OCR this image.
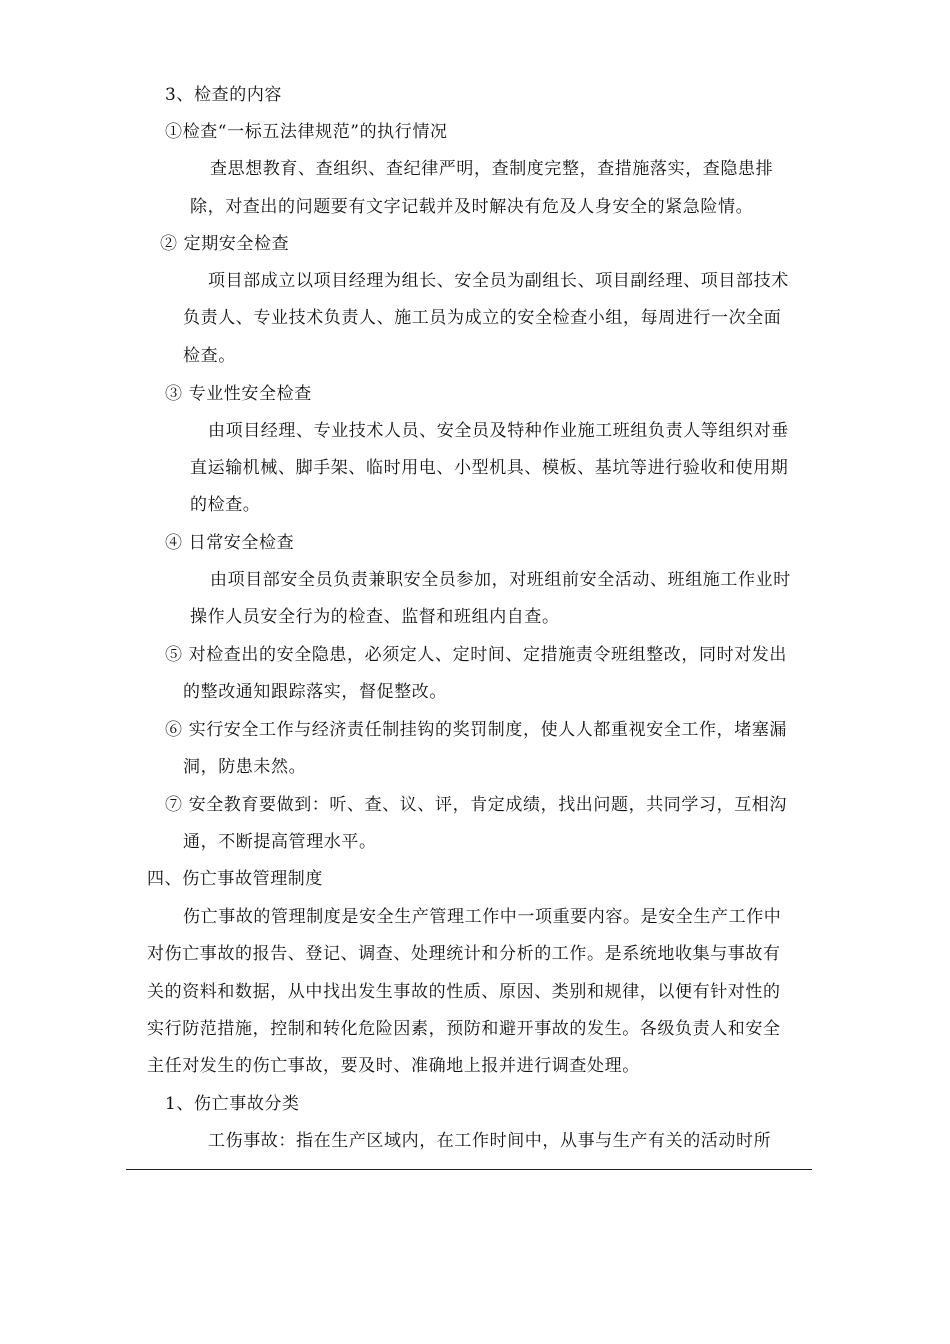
3、检查的内容
①检查“一标五法律规范”的执行情况
查思想教育、查组织、查纪律严明，查制度完整，查措施落实，查隐患排
除，对查出的问题要有文字记载并及时解决有危及人身安全的紧急险情。
② 定期安全检查
项目部成立以项目经理为组长、安全员为副组长、项目副经理、项目部技术
负责人、专业技术负责人、施工员为成立的安全检查小组，每周进行一次全面
检查。
③ 专业性安全检查
由项目经理、专业技术人员、安全员及特种作业施工班组负责人等组织对垂
直运输机械、脚手架、临时用电、小型机具、模板、基坑等进行验收和使用期
的检查。
④ 日常安全检查
由项目部安全员负责兼职安全员参加，对班组前安全活动、班组施工作业时
操作人员安全行为的检查、监督和班组内自查。
⑤ 对检查出的安全隐患，必须定人、定时间、定措施责令班组整改，同时对发出
的整改通知跟踪落实，督促整改。
⑥ 实行安全工作与经济责任制挂钩的奖罚制度，使人人都重视安全工作，堵塞漏
洞，防患未然。
⑦ 安全教育要做到：听、查、议、评，肯定成绩，找出问题，共同学习，互相沟
通，不断提高管理水平。
四、伤亡事故管理制度
伤亡事故的管理制度是安全生产管理工作中一项重要内容。是安全生产工作中
对伤亡事故的报告、登记、调查、处理统计和分析的工作。是系统地收集与事故有
关的资料和数据，从中找出发生事故的性质、原因、类别和规律，以便有针对性的
实行防范措施，控制和转化危险因素，预防和避开事故的发生。各级负责人和安全
主任对发生的伤亡事故，要及时、准确地上报并进行调查处理。
1、伤亡事故分类
工伤事故：指在生产区域内，在工作时间中，从事与生产有关的活动时所
